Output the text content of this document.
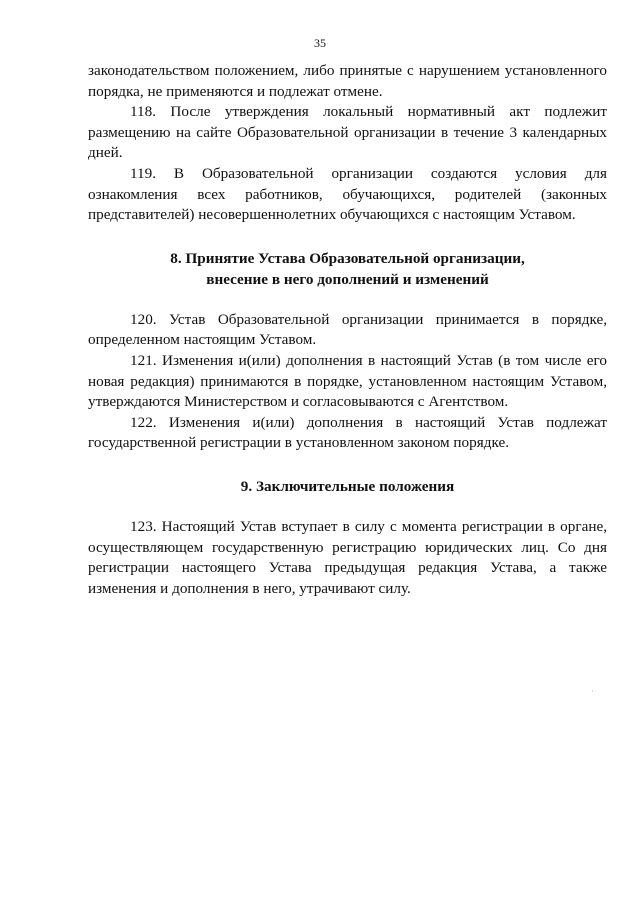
35

законодательством положением, либо принятые с нарушением установленного порядка, не применяются и подлежат отмене.

118. После утверждения локальный нормативный акт подлежит размещению на сайте Образовательной организации в течение 3 календарных дней.

119. В Образовательной организации создаются условия для ознакомления всех работников, обучающихся, родителей (законных представителей) несовершеннолетних обучающихся с настоящим Уставом.

8. Принятие Устава Образовательной организации,

внесение в него дополнений и изменений

120. Устав Образовательной организации принимается в порядке, определенном настоящим Уставом.

121. Изменения и(или) дополнения в настоящий Устав (в том числе его новая редакция) принимаются в порядке, установленном настоящим Уставом, утверждаются Министерством и согласовываются с Агентством.

122. Изменения и(или) дополнения в настоящий Устав подлежат государственной регистрации в установленном законом порядке.

9. Заключительные положения

123. Настоящий Устав вступает в силу с момента регистрации в органе, осуществляющем государственную регистрацию юридических лиц. Со дня регистрации настоящего Устава предыдущая редакция Устава, а также изменения и дополнения в него, утрачивают силу.
